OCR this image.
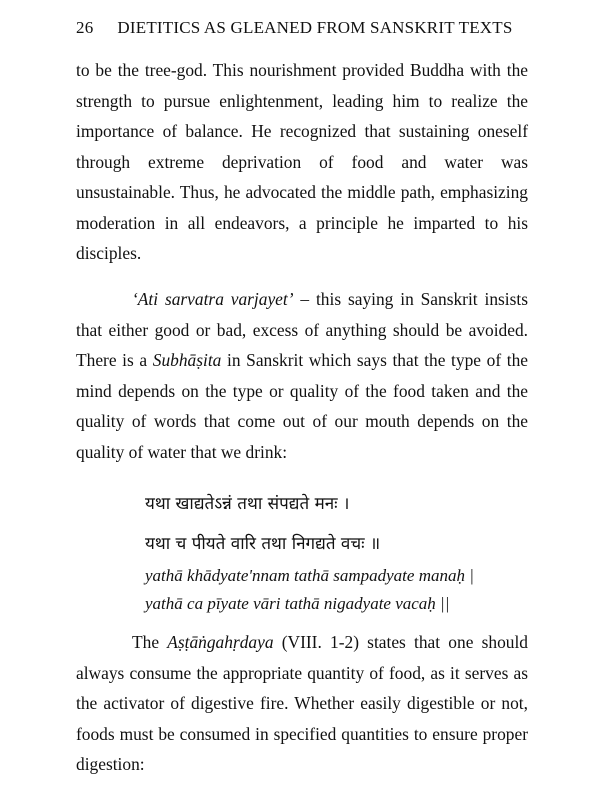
26 DIETITICS AS GLEANED FROM SANSKRIT TEXTS

to be the tree-god. This nourishment provided Buddha with the strength to pursue enlightenment, leading him to realize the importance of balance. He recognized that sustaining oneself through extreme deprivation of food and water was unsustainable. Thus, he advocated the middle path, emphasizing moderation in all endeavors, a principle he imparted to his disciples.

‘Ati sarvatra varjayet’ – this saying in Sanskrit insists that either good or bad, excess of anything should be avoided. There is a Subhāṣita in Sanskrit which says that the type of the mind depends on the type or quality of the food taken and the quality of words that come out of our mouth depends on the quality of water that we drink:

यथा खाद्यतेऽन्नं तथा संपद्यते मनः ।
यथा च पीयते वारि तथा निगद्यते वचः ॥
yathā khādyate'nnam tathā sampadyate manaḥ |
yathā ca pīyate vāri tathā nigadyate vacaḥ ||

The Aṣṭāṅgahṛdaya (VIII. 1-2) states that one should always consume the appropriate quantity of food, as it serves as the activator of digestive fire. Whether easily digestible or not, foods must be consumed in specified quantities to ensure proper digestion:
